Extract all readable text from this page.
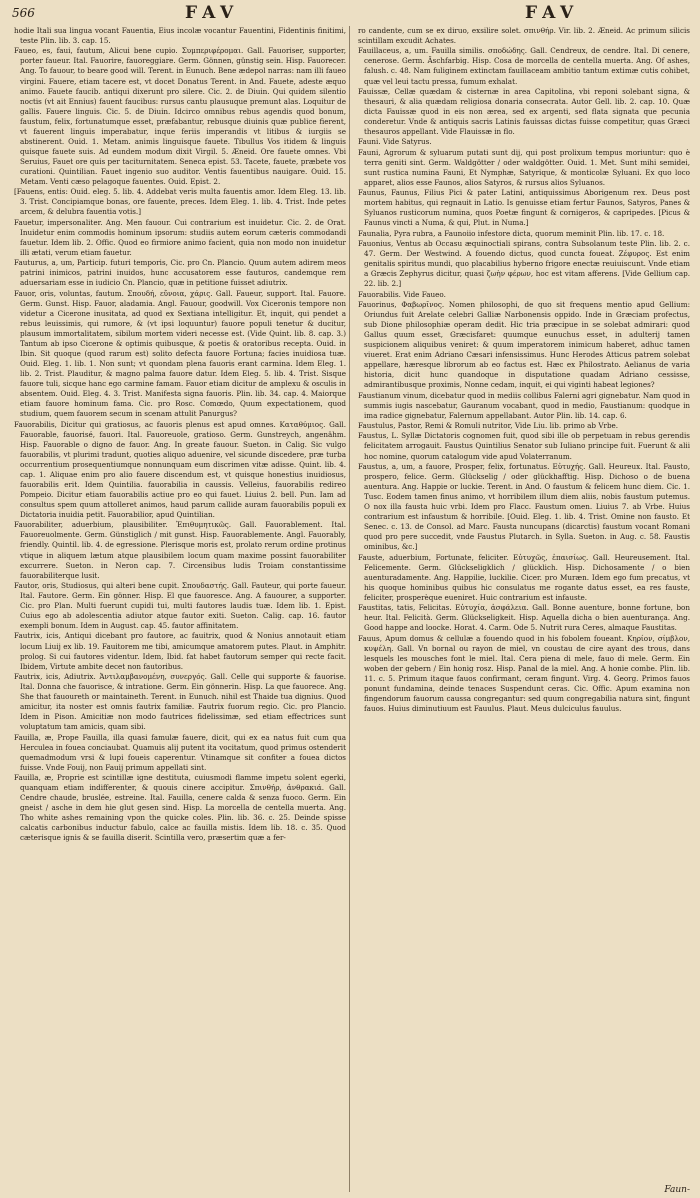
566	FAV	FAV

hodie Itali sua lingua vocant Fauentia, Eius incolæ vocantur Fauentini, Fidentinis finitimi, teste Plin. lib. 3. cap. 15.

Faueo, es, faui, fautum, Alicui bene cupio. Συμπεριφέρομαι. Gall. Fauoriser, supporter, porter faueur. Ital. Fauorire, fauoreggiare. Germ. Gönnen, günstig sein. Hisp. Fauorecer. Ang. To fauour, to beare good will. Terent. in Eunuch. Bene ædepol narras: nam illi faueo virgini. Fauere, etiam tacere est, vt docet Donatus Terent. in And. Fauete, adeste æquo animo. Fauete faucib. antiqui dixerunt pro silere. Cic. 2. de Diuin. Qui quidem silentio noctis (vt ait Ennius) fauent faucibus: rursus cantu plausuque premunt alas. Loquitur de gallis. Fauere linguis. Cic. 5. de Diuin. Idcirco omnibus rebus agendis quod bonum, faustum, felix, fortunatumque esset, præfabantur, rebusque diuinis quæ publice fierent, vt fauerent linguis imperabatur, inque feriis imperandis vt litibus & iurgiis se abstinerent. Ouid. 1. Metam. animis linguisque fauete. Tibullus Vos itidem & linguis quisque fauete suis. Ad eundem modum dixit Virgil. 5. Æneid. Ore fauete omnes. Vbi Seruius, Fauet ore quis per taciturnitatem. Seneca epist. 53. Tacete, fauete, præbete vos curationi. Quintilian. Fauet ingenio suo auditor. Ventis fauentibus nauigare. Ouid. 15. Metam. Venti cæso pelagoque fauentes. Ouid. Epist. 2.

[Fauens, entis: Ouid. eleg. 5. lib. 4. Addebat veris multa fauentis amor. Idem Eleg. 13. lib. 3. Trist. Concipiamque bonas, ore fauente, preces. Idem Eleg. 1. lib. 4. Trist. Inde petes arcem, & delubra fauentia votis.]

Fauetur, impersonaliter. Ang. Men fauour. Cui contrarium est inuidetur. Cic. 2. de Orat. Inuidetur enim commodis hominum ipsorum: studiis autem eorum cæteris commodandi fauetur. Idem lib. 2. Offic. Quod eo firmiore animo facient, quia non modo non inuidetur illi ætati, verum etiam fauetur.

Fauturus, a, um, Particip. futuri temporis, Cic. pro Cn. Plancio. Quum autem adirem meos patrini inimicos, patrini inuidos, hunc accusatorem esse fauturos, candemque rem aduersariam esse in iudicio Cn. Plancio, quæ in petitione fuisset adiutrix.

Fauor, oris, voluntas, fautum. Σπουδή, εὔνοια, χάρις. Gall. Faueur, support. Ital. Fauore. Germ. Gunst. Hisp. Fauor, aladamia. Angl. Fauour, goodwill. Vox Ciceronis tempore non videtur a Cicerone inusitata, ad quod ex Sextiana intelligitur. Et, inquit, qui pendet a rebus leuissimis, qui rumore, & (vt ipsi loquuntur) fauore populi tenetur & ducitur, plausum immortalitatem, sibilum mortem videri necesse est. (Vide Quint. lib. 8. cap. 3.) Tantum ab ipso Cicerone & optimis quibusque, & poetis & oratoribus recepta. Ouid. in Ibin. Sit quoque (quod rarum est) solito defecta fauore Fortuna; facies inuidiosa tuæ. Ouid. Eleg. 1. lib. 1. Non sunt; vt quondam plena fauoris erant carmina. Idem Eleg. 1. lib. 2. Trist. Plauditur, & magno palma fauore datur. Idem Eleg. 5. lib. 4. Trist. Sisque fauore tuli, sicque hanc ego carmine famam. Fauor etiam dicitur de amplexu & osculis in absentem. Ouid. Eleg. 4. 3. Trist. Manifesta signa fauoris. Plin. lib. 34. cap. 4. Maiorque etiam fauore hominum fama. Cic. pro Rosc. Comœdo, Quum expectationem, quod studium, quem fauorem secum in scenam attulit Panurgus?

Fauorabilis, Dicitur qui gratiosus, ac fauoris plenus est apud omnes. Καταθύμιος. Gall. Fauorable, fauorisé, fauori. Ital. Fauoreuole, gratioso. Germ. Gunstreych, angenähm. Hisp. Fauorable o digno de fauor. Ang. In greate fauour. Sueton. in Calig. Sic vulgo fauorabilis, vt plurimi tradunt, quoties aliquo aduenire, vel sicunde discedere, præ turba occurrentium prosequentiumque nonnunquam eum discrimen vitæ adisse. Quint. lib. 4. cap. 1. Aliquae enim pro alio fauere discendum est, vt quisque honestius inuidiosus, fauorabilis erit. Idem Quintilia. fauorabilia in caussis. Velleius, fauorabilis redireo Pompeio. Dicitur etiam fauorabilis actiue pro eo qui fauet. Liuius 2. bell. Pun. Iam ad consultus spem quum attolleret animos, haud parum callide auram fauorabilis populi ex Dictatoria inuidia petit. Fauorabilior, apud Quintilian.

Fauorabiliter, aduerbium, plausibiliter. Ἐπιθυμητικῶς. Gall. Fauorablement. Ital. Fauoreuolmente. Germ. Günstiglich / mit gunst. Hisp. Fauorablemente. Angl. Fauorably, friendly. Quintil. lib. 4. de egressione. Plerisque moris est, prolato rerum ordine protinus vtique in aliquem lætum atque plausibilem locum quam maxime possint fauorabiliter excurrere. Sueton. in Neron cap. 7. Circensibus ludis Troiam constantissime fauorabiliterque lusit.

Fautor, oris, Studiosus, qui alteri bene cupit. Σπουδαστής. Gall. Fauteur, qui porte faueur. Ital. Fautore. Germ. Ein gönner. Hisp. El que fauoresce. Ang. A fauourer, a supporter. Cic. pro Plan. Multi fuerunt cupidi tui, multi fautores laudis tuæ. Idem lib. 1. Epist. Cuius ego ab adolescentia adiutor atque fautor exiti. Sueton. Calig. cap. 16. fautor exempli bonum. Idem in August. cap. 45. fautor affinitatem.

Fautrix, icis, Antiqui dicebant pro fautore, ac fauitrix, quod & Nonius annotauit etiam locum Liuij ex lib. 19. Fauitorem me tibi, amicumque amatorem putes. Plaut. in Amphitr. prolog. Si cui fautores videntur. Idem, Ibid. fat habet fautorum semper qui recte facit. Ibidem, Virtute ambite decet non fautoribus.

Fautrix, icis, Adiutrix. Ἀντιλαμβανομένη, συνεργός. Gall. Celle qui supporte & fauorise. Ital. Donna che fauorisce, & intratione. Germ. Ein gönnerin. Hisp. La que fauorece. Ang. She that fauoureth or maintaineth. Terent. in Eunuch. nihil est Thaide tua dignius. Quod amicitur, ita noster est omnis fautrix familiæ. Fautrix fuorum regio. Cic. pro Plancio. Idem in Pison. Amicitiæ non modo fautrices fidelissimæ, sed etiam effectrices sunt voluptatum tam amicis, quam sibi.

Fauilla, æ, Prope Fauilla, illa quasi famulæ fauere, dicit, qui ex ea natus fuit cum qua Herculea in fouea conciaubat. Quamuis alij putent ita vocitatum, quod primus ostenderit quemadmodum vrsi & lupi foueis caperentur. Vtinamque sit confiter a fouea dictos fuisse. Vnde Fouij, non Fauij primum appellati sint.

Fauilla, æ, Proprie est scintillæ igne destituta, cuiusmodi flamme impetu solent egerki, quanquam etiam indifferenter, & quouis cinere accipitur. Σπινθήρ, ἀνθρακιά. Gall. Cendre chaude, bruslée, estreine. Ital. Fauilla, cenere calda & senza fuoco. Germ. Ein gneist / asche in dem hie glut gesen sind. Hisp. La morcella de centella muerta. Ang. Tho white ashes remaining vpon the quicke coles. Plin. lib. 36. c. 25. Deinde spisse calcatis carbonibus inductur fabulo, calce ac fauilla mistis. Idem lib. 18. c. 35. Quod cæterisque ignis & se fauilla diserit. Scintilla vero, præsertim quæ a fer-

ro candente, cum se ex diruo, exsilire solet. σπινθήρ. Vir. lib. 2. Æneid. Ac primum silicis scintillam excudit Achates.

Fauillaceus, a, um. Fauilla similis. σποδώδης. Gall. Cendreux, de cendre. Ital. Di cenere, cenerose. Germ. Äschfarbig. Hisp. Cosa de morcella de centella muerta. Ang. Of ashes, falush. c. 48. Nam fuliginem extinctam fauillaceam ambitio tantum extimæ cutis cohibet, quæ vel leui tactu pressa, fumum exhalat.

Fauissæ, Cellæ quædam & cisternæ in area Capitolina, vbi reponi solebant signa, & thesauri, & alia quædam religiosa donaria consecrata. Autor Gell. lib. 2. cap. 10. Quæ dicta Fauissæ quod in eis non ærea, sed ex argenti, sed flata signata que pecunia conderetur. Vnde & antiquis sacris Latinis fauissas dictas fuisse competitur, quas Græci thesauros appellant. Vide Flauissæ in flo.

Fauni. Vide Satyrus.

Fauni, Agrorum & syluarum putati sunt dij, qui post prolixum tempus moriuntur: quo è terra geniti sint. Germ. Waldgötter / oder waldgötter. Ouid. 1. Met. Sunt mihi semidei, sunt rustica numina Fauni, Et Nymphæ, Satyrique, & monticolæ Syluani. Ex quo loco apparet, alios esse Faunos, alios Satyros, & rursus alios Syluanos.

Faunus, Faunus, Filius Pici & pater Latini, antiquissimus Aborigenum rex. Deus post mortem habitus, qui regnauit in Latio. Is genuisse etiam fertur Faunos, Satyros, Panes & Syluanos rusticorum numina, quos Poetæ fingunt & cornigeros, & capripedes. [Picus & Faunus vincti a Numa, & qui, Plut. in Numa.]

Faunalia, Pyra rubra, a Faunoiio infestore dicta, quorum meminit Plin. lib. 17. c. 18.

Fauonius, Ventus ab Occasu æquinoctiali spirans, contra Subsolanum teste Plin. lib. 2. c. 47. Germ. Der Westwind. A fouendo dictus, quod cuncta foueat. Ζέφυρος. Est enim genitalis spiritus mundi, quo placabilius hyberno frigore enectæ reuiuiscunt. Vnde etiam a Græcis Zephyrus dicitur, quasi ζωὴν φέρων, hoc est vitam afferens. [Vide Gellium cap. 22. lib. 2.]

Fauorabilis. Vide Faueo.

Fauorinus, Φαβωρῖνος. Nomen philosophi, de quo sit frequens mentio apud Gellium: Oriundus fuit Arelate celebri Galliæ Narbonensis oppido. Inde in Græciam profectus, sub Dione philosophiæ operam dedit. Hic tria præcipue in se solebat admirari: quod Gallus quum esset, Græcisfaret: quumque eunuchus esset, in adulterij tamen suspicionem aliquibus veniret: & quum imperatorem inimicum haberet, adhuc tamen viueret. Erat enim Adriano Cæsari infensissimus. Hunc Herodes Atticus patrem solebat appellare, hæresque librorum ab eo factus est. Hæc ex Philostrato. Aelianus de varia historia, dicit hunc quandoque in disputatione quadam Adriano cessisse, admirantibusque proximis, Nonne cedam, inquit, ei qui viginti habeat legiones?

Faustianum vinum, dicebatur quod in mediis collibus Falerni agri gignebatur. Nam quod in summis iugis nascebatur, Gauranum vocabant, quod in medio, Faustianum: quodque in ima radice gignebatur, Falernum appellabant. Autor Plin. lib. 14. cap. 6.

Faustulus, Pastor, Remi & Romuli nutritor, Vide Liu. lib. primo ab Vrbe.

Faustus, L. Syllæ Dictatoris cognomen fuit, quod sibi ille ob perpetuam in rebus gerendis felicitatem arrogauit. Faustus Quintilius Senator sub Iuliano principe fuit. Fuerunt & alii hoc nomine, quorum catalogum vide apud Volaterranum.

Faustus, a, um, a fauore, Prosper, felix, fortunatus. Εὐτυχής. Gall. Heureux. Ital. Fausto, prospero, felice. Germ. Glückselig / oder glückhafftig. Hisp. Dichoso o de buena auentura. Ang. Happie or luckie. Terent. in And. O faustum & felicem hunc diem. Cic. 1. Tusc. Eodem tamen finus animo, vt horribilem illum diem aliis, nobis faustum putemus. O nox illa fausta huic vrbi. Idem pro Flacc. Faustum omen. Liuius 7. ab Vrbe. Huius contrarium est infaustum & horribile. [Ouid. Eleg. 1. lib. 4. Trist. Omine non fausto. Et Senec. c. 13. de Consol. ad Marc. Fausta nuncupans (dicarctis) faustum vocant Romani quod pro pere succedit, vnde Faustus Plutarch. in Sylla. Sueton. in Aug. c. 58. Faustis ominibus, &c.]

Fauste, aduerbium, Fortunate, feliciter. Εὐτυχῶς, ἐπαισίως. Gall. Heureusement. Ital. Felicemente. Germ. Glückseligklich / glücklich. Hisp. Dichosamente / o bien auenturadamente. Ang. Happilie, luckilie. Cicer. pro Muræn. Idem ego fum precatus, vt his quoque hominibus quibus hic consulatus me rogante datus esset, ea res fauste, feliciter, prosperèque eueniret. Huic contrarium est infauste.

Faustitas, tatis, Felicitas. Εὐτυχία, ἀσφάλεια. Gall. Bonne auenture, bonne fortune, bon heur. Ital. Felicità. Germ. Glückseligkeit. Hisp. Aquella dicha o bien auenturança. Ang. Good happe and loocke. Horat. 4. Carm. Ode 5. Nutrit rura Ceres, almaque Faustitas.

Fauus, Apum domus & cellulæ a fouendo quod in his fobolem foueant. Κηρίον, σίμβλον, κυψέλη. Gall. Vn bornal ou rayon de miel, vn coustau de cire ayant des trous, dans lesquels les mousches font le miel. Ital. Cera piena di mele, fauo di mele. Germ. Ein woben der gebern / Ein honig rosz. Hisp. Panal de la miel. Ang. A honie combe. Plin. lib. 11. c. 5. Primum itaque fauos confirmant, ceram fingunt. Virg. 4. Georg. Primos fauos ponunt fundamina, deinde tenaces Suspendunt ceras. Cic. Offic. Apum examina non fingendorum fauorum caussa congregantur: sed quum congregabilia natura sint, fingunt fauos. Huius diminutiuum est Fauulus. Plaut. Meus dulciculus fauulus.

Faun-
